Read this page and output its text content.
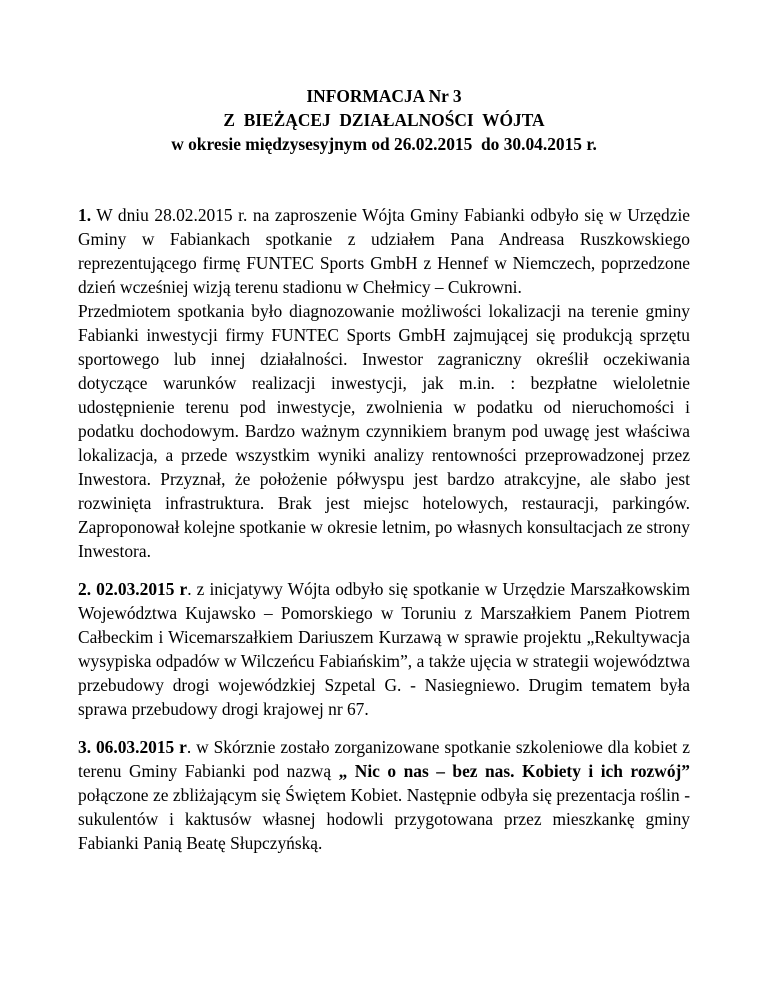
INFORMACJA Nr 3
Z  BIEŻĄCEJ  DZIAŁALNOŚCI  WÓJTA
w okresie międzysesyjnym od 26.02.2015  do 30.04.2015 r.

1. W dniu 28.02.2015 r. na zaproszenie Wójta Gminy Fabianki odbyło się w Urzędzie Gminy w Fabiankach spotkanie z udziałem Pana Andreasa Ruszkowskiego reprezentującego firmę FUNTEC Sports GmbH z Hennef w Niemczech, poprzedzone dzień wcześniej wizją terenu stadionu w Chełmicy – Cukrowni.

Przedmiotem spotkania było diagnozowanie możliwości lokalizacji na terenie gminy Fabianki inwestycji firmy FUNTEC Sports GmbH zajmującej się produkcją sprzętu sportowego lub innej działalności. Inwestor zagraniczny określił oczekiwania dotyczące warunków realizacji inwestycji, jak m.in. : bezpłatne wieloletnie udostępnienie terenu pod inwestycje, zwolnienia w podatku od nieruchomości i podatku dochodowym. Bardzo ważnym czynnikiem branym pod uwagę jest właściwa lokalizacja, a przede wszystkim wyniki analizy rentowności przeprowadzonej przez Inwestora. Przyznał, że położenie półwyspu jest bardzo atrakcyjne, ale słabo jest rozwinięta infrastruktura. Brak jest miejsc hotelowych, restauracji, parkingów. Zaproponował kolejne spotkanie w okresie letnim, po własnych konsultacjach ze strony Inwestora.

2. 02.03.2015 r. z inicjatywy Wójta odbyło się spotkanie w Urzędzie Marszałkowskim Województwa Kujawsko – Pomorskiego w Toruniu z Marszałkiem Panem Piotrem Całbeckim i Wicemarszałkiem Dariuszem Kurzawą w sprawie projektu „Rekultywacja wysypiska odpadów w Wilczeńcu Fabiańskim”, a także ujęcia w strategii województwa przebudowy drogi wojewódzkiej Szpetal G. - Nasiegniewo. Drugim tematem była sprawa przebudowy drogi krajowej nr 67.

3. 06.03.2015 r. w Skórznie zostało zorganizowane spotkanie szkoleniowe dla kobiet z terenu Gminy Fabianki pod nazwą „ Nic o nas – bez nas. Kobiety i ich rozwój” połączone ze zbliżającym się Świętem Kobiet. Następnie odbyła się prezentacja roślin - sukulentów i kaktusów własnej hodowli przygotowana przez mieszkankę gminy Fabianki Panią Beatę Słupczyńską.
